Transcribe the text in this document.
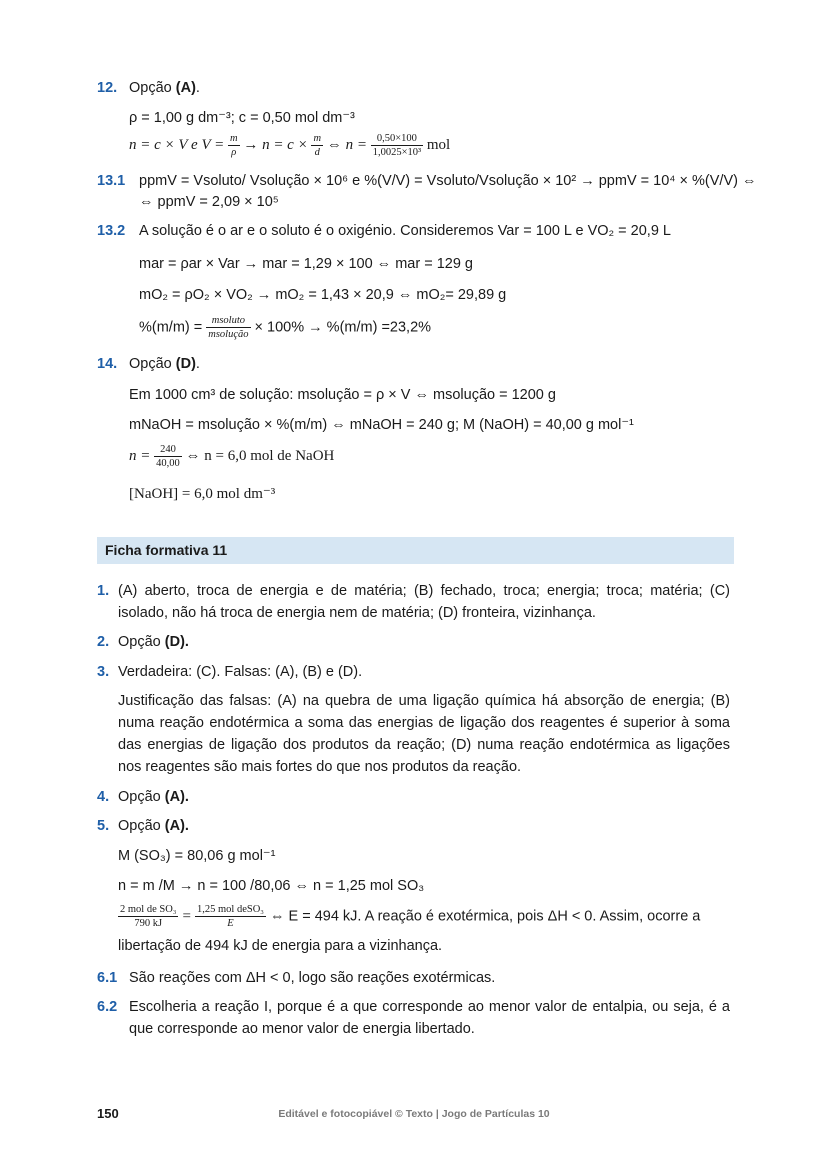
12. Opção (A).
ρ = 1,00 g dm⁻³; c = 0,50 mol dm⁻³
n = c × V e $V = \frac{m}{\rho} \to n = c \times \frac{m}{d}$ ⇔ $n = \frac{0,50\times 100}{\text{1,0025×10³}}$ mol
13.1 ppmV = Vsoluto/ Vsolução × 10⁶ e %(V/V) = Vsoluto/Vsolução × 10² → ppmV = 10⁴ × %(V/V) ⇔
⇔ ppmV = 2,09 × 10⁵
13.2 A solução é o ar e o soluto é o oxigénio. Consideremos Var = 100 L e VO₂ = 20,9 L
mar = ρar × Var → mar = 1,29 × 100 ⇔ mar = 129 g
mO₂ = ρO₂ × VO₂ → mO₂ = 1,43 × 20,9 ⇔ mO₂= 29,89 g
$\%(m/m) = \frac{\text{msoluto}}{\text{msolução}} \times 100\% \to \%(m/m) =23,2\%$
14. Opção (D).
Em 1000 cm³ de solução: msolução = ρ × V ⇔ msolução = 1200 g
mNaOH = msolução × %(m/m) ⇔ mNaOH = 240 g; M (NaOH) = 40,00 g mol⁻¹
$n = \frac{240}{40,00}$ ⇔ n = 6,0 mol de NaOH
[NaOH] = 6,0 mol dm⁻³
Ficha formativa 11
1. (A) aberto, troca de energia e de matéria; (B) fechado, troca; energia; troca; matéria; (C) isolado, não há troca de energia nem de matéria; (D) fronteira, vizinhança.
2. Opção (D).
3. Verdadeira: (C). Falsas: (A), (B) e (D).
Justificação das falsas: (A) na quebra de uma ligação química há absorção de energia; (B) numa reação endotérmica a soma das energias de ligação dos reagentes é superior à soma das energias de ligação dos produtos da reação; (D) numa reação endotérmica as ligações nos reagentes são mais fortes do que nos produtos da reação.
4. Opção (A).
5. Opção (A).
M (SO₃) = 80,06 g mol⁻¹
n = m /M → n = 100 /80,06 ⇔ n = 1,25 mol SO₃
$\frac{\text{2 mol de SO₃}}{790 kJ} = \frac{\text{1,25 mol deSO₃}}{E}$ ⇔ E = 494 kJ. A reação é exotérmica, pois ΔH < 0. Assim, ocorre a
libertação de 494 kJ de energia para a vizinhança.
6.1 São reações com ΔH < 0, logo são reações exotérmicas.
6.2 Escolheria a reação I, porque é a que corresponde ao menor valor de entalpia, ou seja, é a que corresponde ao menor valor de energia libertado.
150	Editável e fotocopiável © Texto | Jogo de Partículas 10
